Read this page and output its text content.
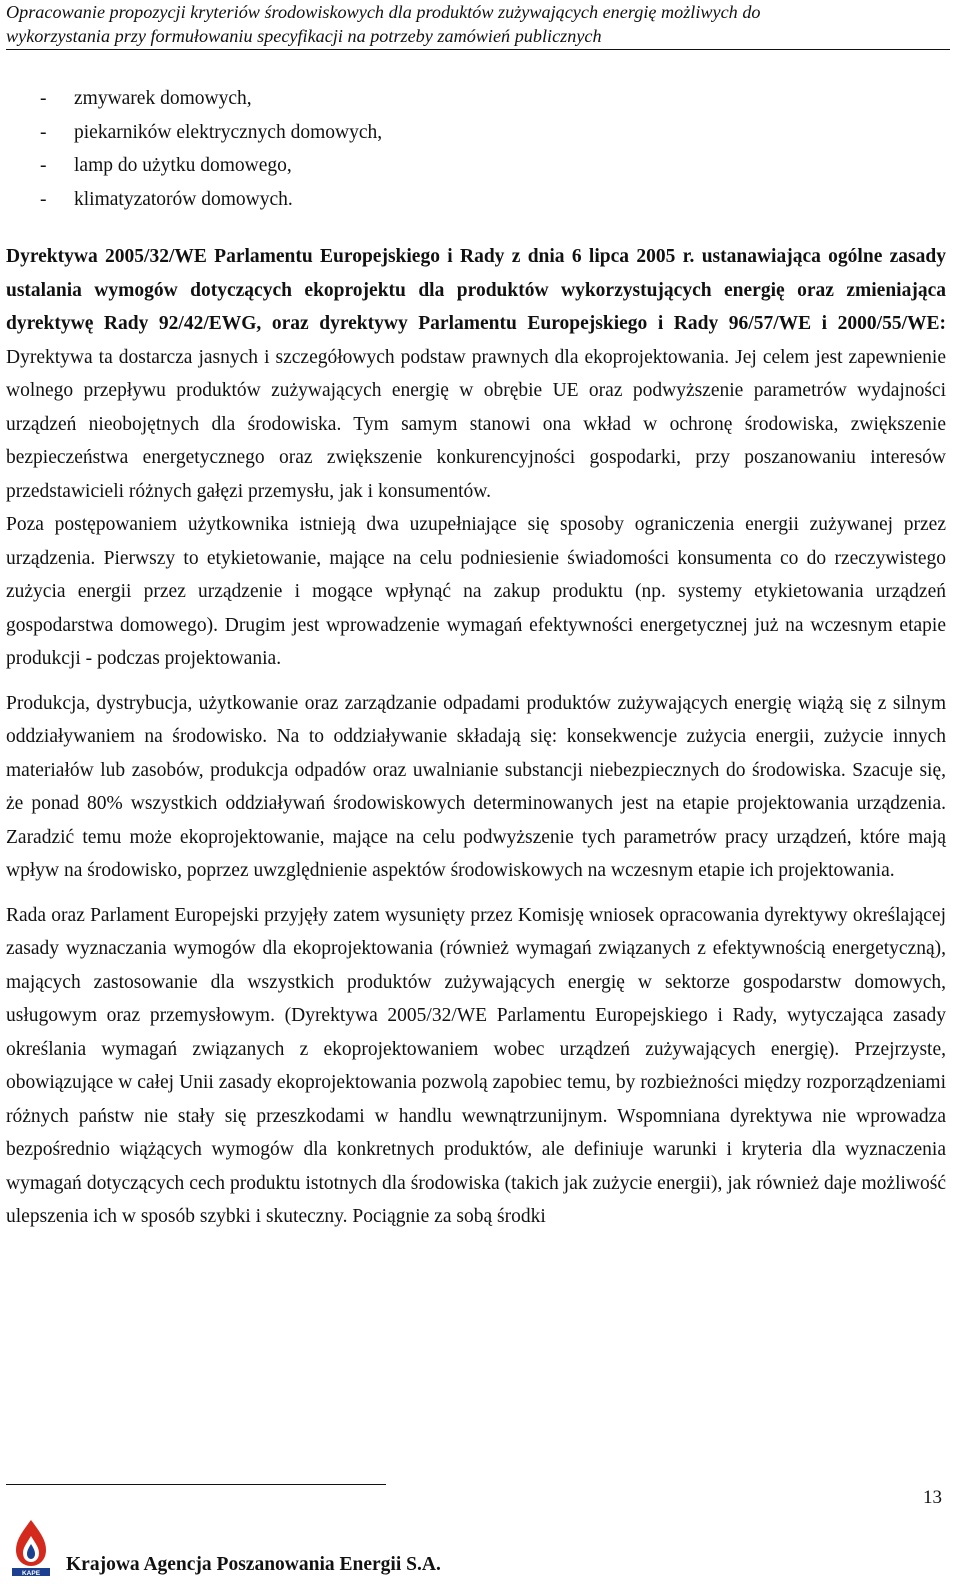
Opracowanie propozycji kryteriów środowiskowych dla produktów zużywających energię możliwych do
wykorzystania przy formułowaniu specyfikacji na potrzeby zamówień publicznych
- zmywarek domowych,
- piekarników elektrycznych domowych,
- lamp do użytku domowego,
- klimatyzatorów domowych.

Dyrektywa 2005/32/WE Parlamentu Europejskiego i Rady z dnia 6 lipca 2005 r. ustanawiająca ogólne zasady ustalania wymogów dotyczących ekoprojektu dla produktów wykorzystujących energię oraz zmieniająca dyrektywę Rady 92/42/EWG, oraz dyrektywy Parlamentu Europejskiego i Rady 96/57/WE i 2000/55/WE: Dyrektywa ta dostarcza jasnych i szczegółowych podstaw prawnych dla ekoprojektowania. Jej celem jest zapewnienie wolnego przepływu produktów zużywających energię w obrębie UE oraz podwyższenie parametrów wydajności urządzeń nieobojętnych dla środowiska. Tym samym stanowi ona wkład w ochronę środowiska, zwiększenie bezpieczeństwa energetycznego oraz zwiększenie konkurencyjności gospodarki, przy poszanowaniu interesów przedstawicieli różnych gałęzi przemysłu, jak i konsumentów.

Poza postępowaniem użytkownika istnieją dwa uzupełniające się sposoby ograniczenia energii zużywanej przez urządzenia. Pierwszy to etykietowanie, mające na celu podniesienie świadomości konsumenta co do rzeczywistego zużycia energii przez urządzenie i mogące wpłynąć na zakup produktu (np. systemy etykietowania urządzeń gospodarstwa domowego). Drugim jest wprowadzenie wymagań efektywności energetycznej już na wczesnym etapie produkcji - podczas projektowania.

Produkcja, dystrybucja, użytkowanie oraz zarządzanie odpadami produktów zużywających energię wiążą się z silnym oddziaływaniem na środowisko. Na to oddziaływanie składają się: konsekwencje zużycia energii, zużycie innych materiałów lub zasobów, produkcja odpadów oraz uwalnianie substancji niebezpiecznych do środowiska. Szacuje się, że ponad 80% wszystkich oddziaływań środowiskowych determinowanych jest na etapie projektowania urządzenia. Zaradzić temu może ekoprojektowanie, mające na celu podwyższenie tych parametrów pracy urządzeń, które mają wpływ na środowisko, poprzez uwzględnienie aspektów środowiskowych na wczesnym etapie ich projektowania.

Rada oraz Parlament Europejski przyjęły zatem wysunięty przez Komisję wniosek opracowania dyrektywy określającej zasady wyznaczania wymogów dla ekoprojektowania (również wymagań związanych z efektywnością energetyczną), mających zastosowanie dla wszystkich produktów zużywających energię w sektorze gospodarstw domowych, usługowym oraz przemysłowym. (Dyrektywa 2005/32/WE Parlamentu Europejskiego i Rady, wytyczająca zasady określania wymagań związanych z ekoprojektowaniem wobec urządzeń zużywających energię). Przejrzyste, obowiązujące w całej Unii zasady ekoprojektowania pozwolą zapobiec temu, by rozbieżności między rozporządzeniami różnych państw nie stały się przeszkodami w handlu wewnątrzunijnym. Wspomniana dyrektywa nie wprowadza bezpośrednio wiążących wymogów dla konkretnych produktów, ale definiuje warunki i kryteria dla wyznaczenia wymagań dotyczących cech produktu istotnych dla środowiska (takich jak zużycie energii), jak również daje możliwość ulepszenia ich w sposób szybki i skuteczny. Pociągnie za sobą środki

13
KAPE Krajowa Agencja Poszanowania Energii S.A.
